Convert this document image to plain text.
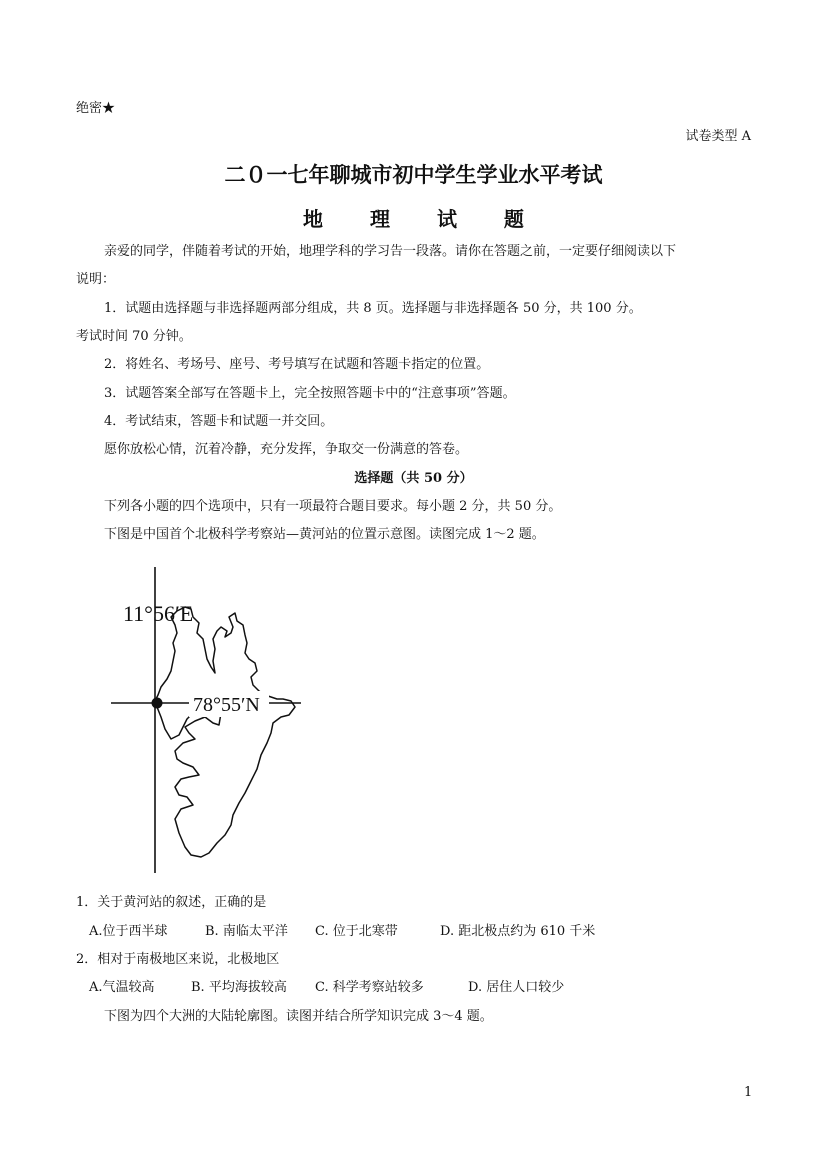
绝密★
试卷类型 A
二０一七年聊城市初中学生学业水平考试
地 理 试 题
亲爱的同学，伴随着考试的开始，地理学科的学习告一段落。请你在答题之前，一定要仔细阅读以下
说明：
1．试题由选择题与非选择题两部分组成，共 8 页。选择题与非选择题各 50 分，共 100 分。
考试时间 70 分钟。
2．将姓名、考场号、座号、考号填写在试题和答题卡指定的位置。
3．试题答案全部写在答题卡上，完全按照答题卡中的“注意事项”答题。
4．考试结束，答题卡和试题一并交回。
愿你放松心情，沉着冷静，充分发挥，争取交一份满意的答卷。
选择题（共 50 分）
下列各小题的四个选项中，只有一项最符合题目要求。每小题 2 分，共 50 分。
下图是中国首个北极科学考察站—黄河站的位置示意图。读图完成 1～2 题。
11°56′E
78°55′N
1．关于黄河站的叙述，正确的是
A.位于西半球	B. 南临太平洋 C. 位于北寒带	D. 距北极点约为 610 千米
2．相对于南极地区来说，北极地区
A.气温较高	B. 平均海拔较高 C. 科学考察站较多	D. 居住人口较少
下图为四个大洲的大陆轮廓图。读图并结合所学知识完成 3～4 题。
1
